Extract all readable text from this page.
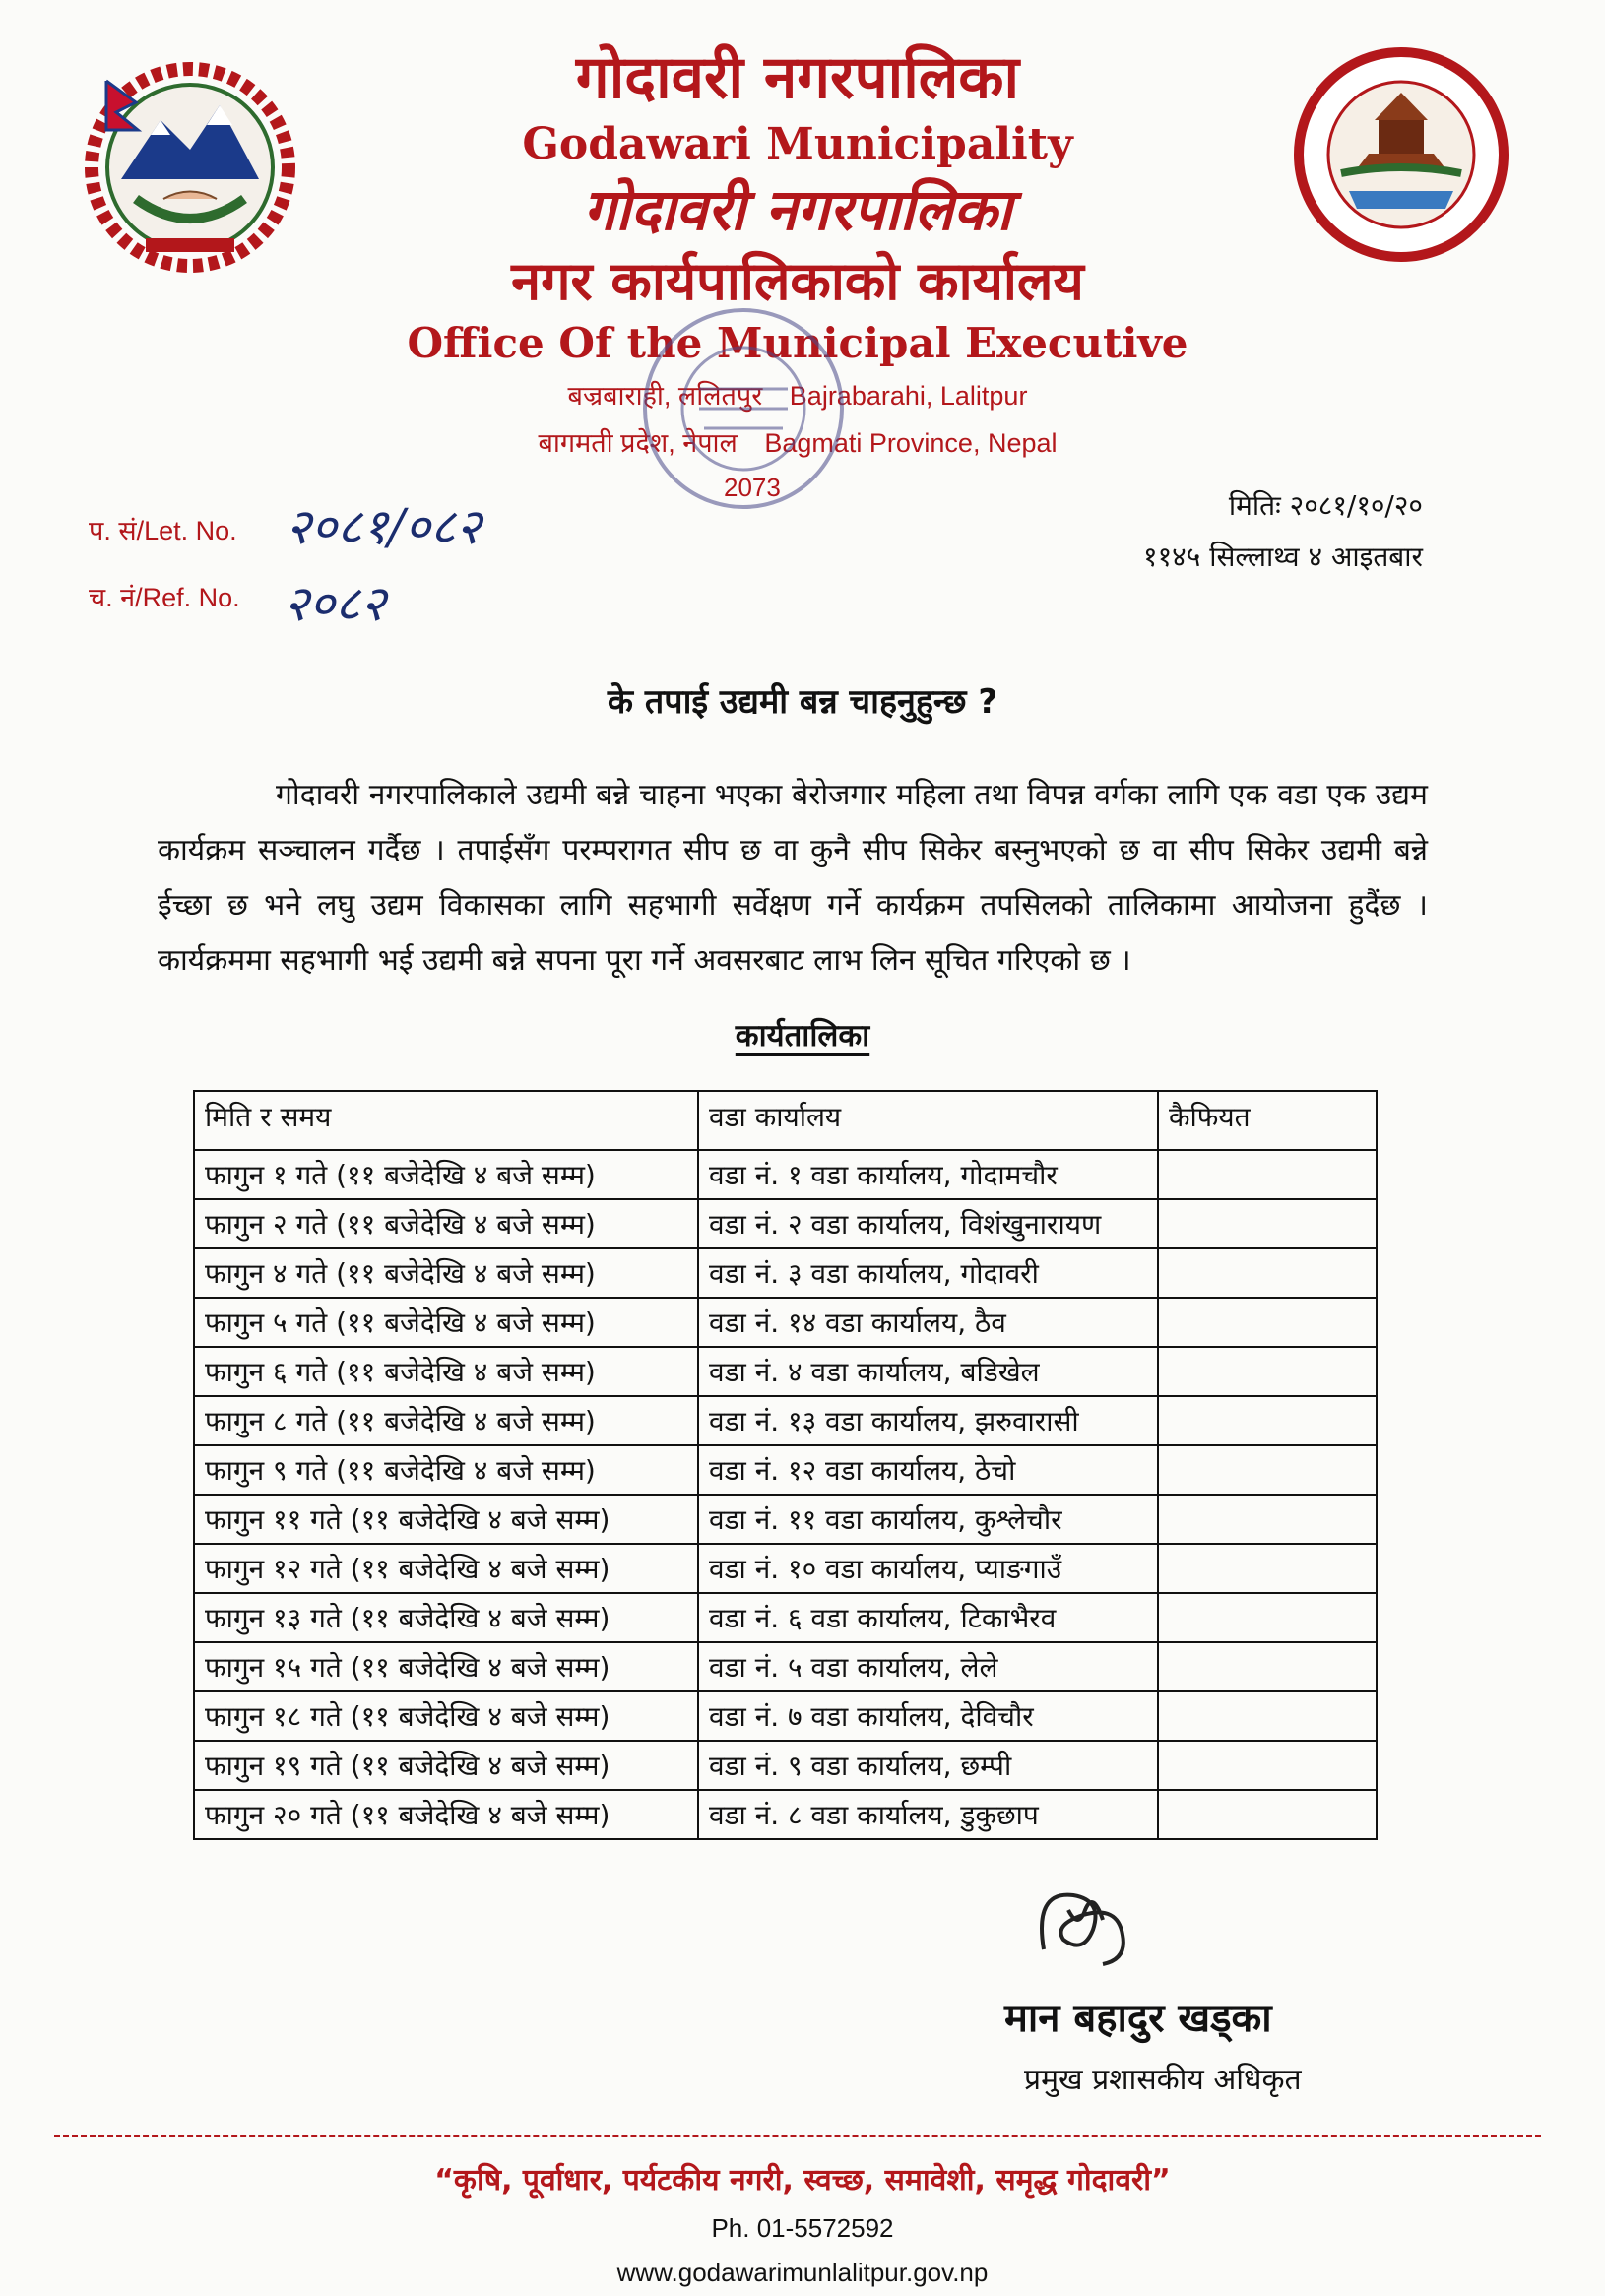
गोदावरी नगरपालिका

Godawari Municipality

गोदावरी नगरपालिका

नगर कार्यपालिकाको कार्यालय

Office Of the Municipal Executive

बज्रबाराही, ललितपुर Bajrabarahi, Lalitpur
बागमती प्रदेश, नेपाल Bagmati Province, Nepal
2073
प. सं/Let. No. २०८१/०८२
च. नं/Ref. No. २०८२
मितिः २०८१/१०/२०
११४५ सिल्लाथ्व ४ आइतबार
के तपाई उद्यमी बन्न चाहनुहुन्छ ?

गोदावरी नगरपालिकाले उद्यमी बन्ने चाहना भएका बेरोजगार महिला तथा विपन्न वर्गका लागि एक वडा एक उद्यम कार्यक्रम सञ्चालन गर्दैछ । तपाईसँग परम्परागत सीप छ वा कुनै सीप सिकेर बस्नुभएको छ वा सीप सिकेर उद्यमी बन्ने ईच्छा छ भने लघु उद्यम विकासका लागि सहभागी सर्वेक्षण गर्ने कार्यक्रम तपसिलको तालिकामा आयोजना हुदैंछ । कार्यक्रममा सहभागी भई उद्यमी बन्ने सपना पूरा गर्ने अवसरबाट लाभ लिन सूचित गरिएको छ ।

कार्यतालिका
मिति र समय	वडा कार्यालय	कैफियत
फागुन १ गते (११ बजेदेखि ४ बजे सम्म)	वडा नं. १ वडा कार्यालय, गोदामचौर	
फागुन २ गते (११ बजेदेखि ४ बजे सम्म)	वडा नं. २ वडा कार्यालय, विशंखुनारायण	
फागुन ४ गते (११ बजेदेखि ४ बजे सम्म)	वडा नं. ३ वडा कार्यालय, गोदावरी	
फागुन ५ गते (११ बजेदेखि ४ बजे सम्म)	वडा नं. १४ वडा कार्यालय, ठैव	
फागुन ६ गते (११ बजेदेखि ४ बजे सम्म)	वडा नं. ४ वडा कार्यालय, बडिखेल	
फागुन ८ गते (११ बजेदेखि ४ बजे सम्म)	वडा नं. १३ वडा कार्यालय, झरुवारासी	
फागुन ९ गते (११ बजेदेखि ४ बजे सम्म)	वडा नं. १२ वडा कार्यालय, ठेचो	
फागुन ११ गते (११ बजेदेखि ४ बजे सम्म)	वडा नं. ११ वडा कार्यालय, कुश्लेचौर	
फागुन १२ गते (११ बजेदेखि ४ बजे सम्म)	वडा नं. १० वडा कार्यालय, प्याङगाउँ	
फागुन १३ गते (११ बजेदेखि ४ बजे सम्म)	वडा नं. ६ वडा कार्यालय, टिकाभैरव	
फागुन १५ गते (११ बजेदेखि ४ बजे सम्म)	वडा नं. ५ वडा कार्यालय, लेले	
फागुन १८ गते (११ बजेदेखि ४ बजे सम्म)	वडा नं. ७ वडा कार्यालय, देविचौर	
फागुन १९ गते (११ बजेदेखि ४ बजे सम्म)	वडा नं. ९ वडा कार्यालय, छम्पी	
फागुन २० गते (११ बजेदेखि ४ बजे सम्म)	वडा नं. ८ वडा कार्यालय, डुकुछाप	
मान बहादुर खड्का
प्रमुख प्रशासकीय अधिकृत
“कृषि, पूर्वाधार, पर्यटकीय नगरी, स्वच्छ, समावेशी, समृद्ध गोदावरी”
Ph. 01-5572592
www.godawarimunlalitpur.gov.np
